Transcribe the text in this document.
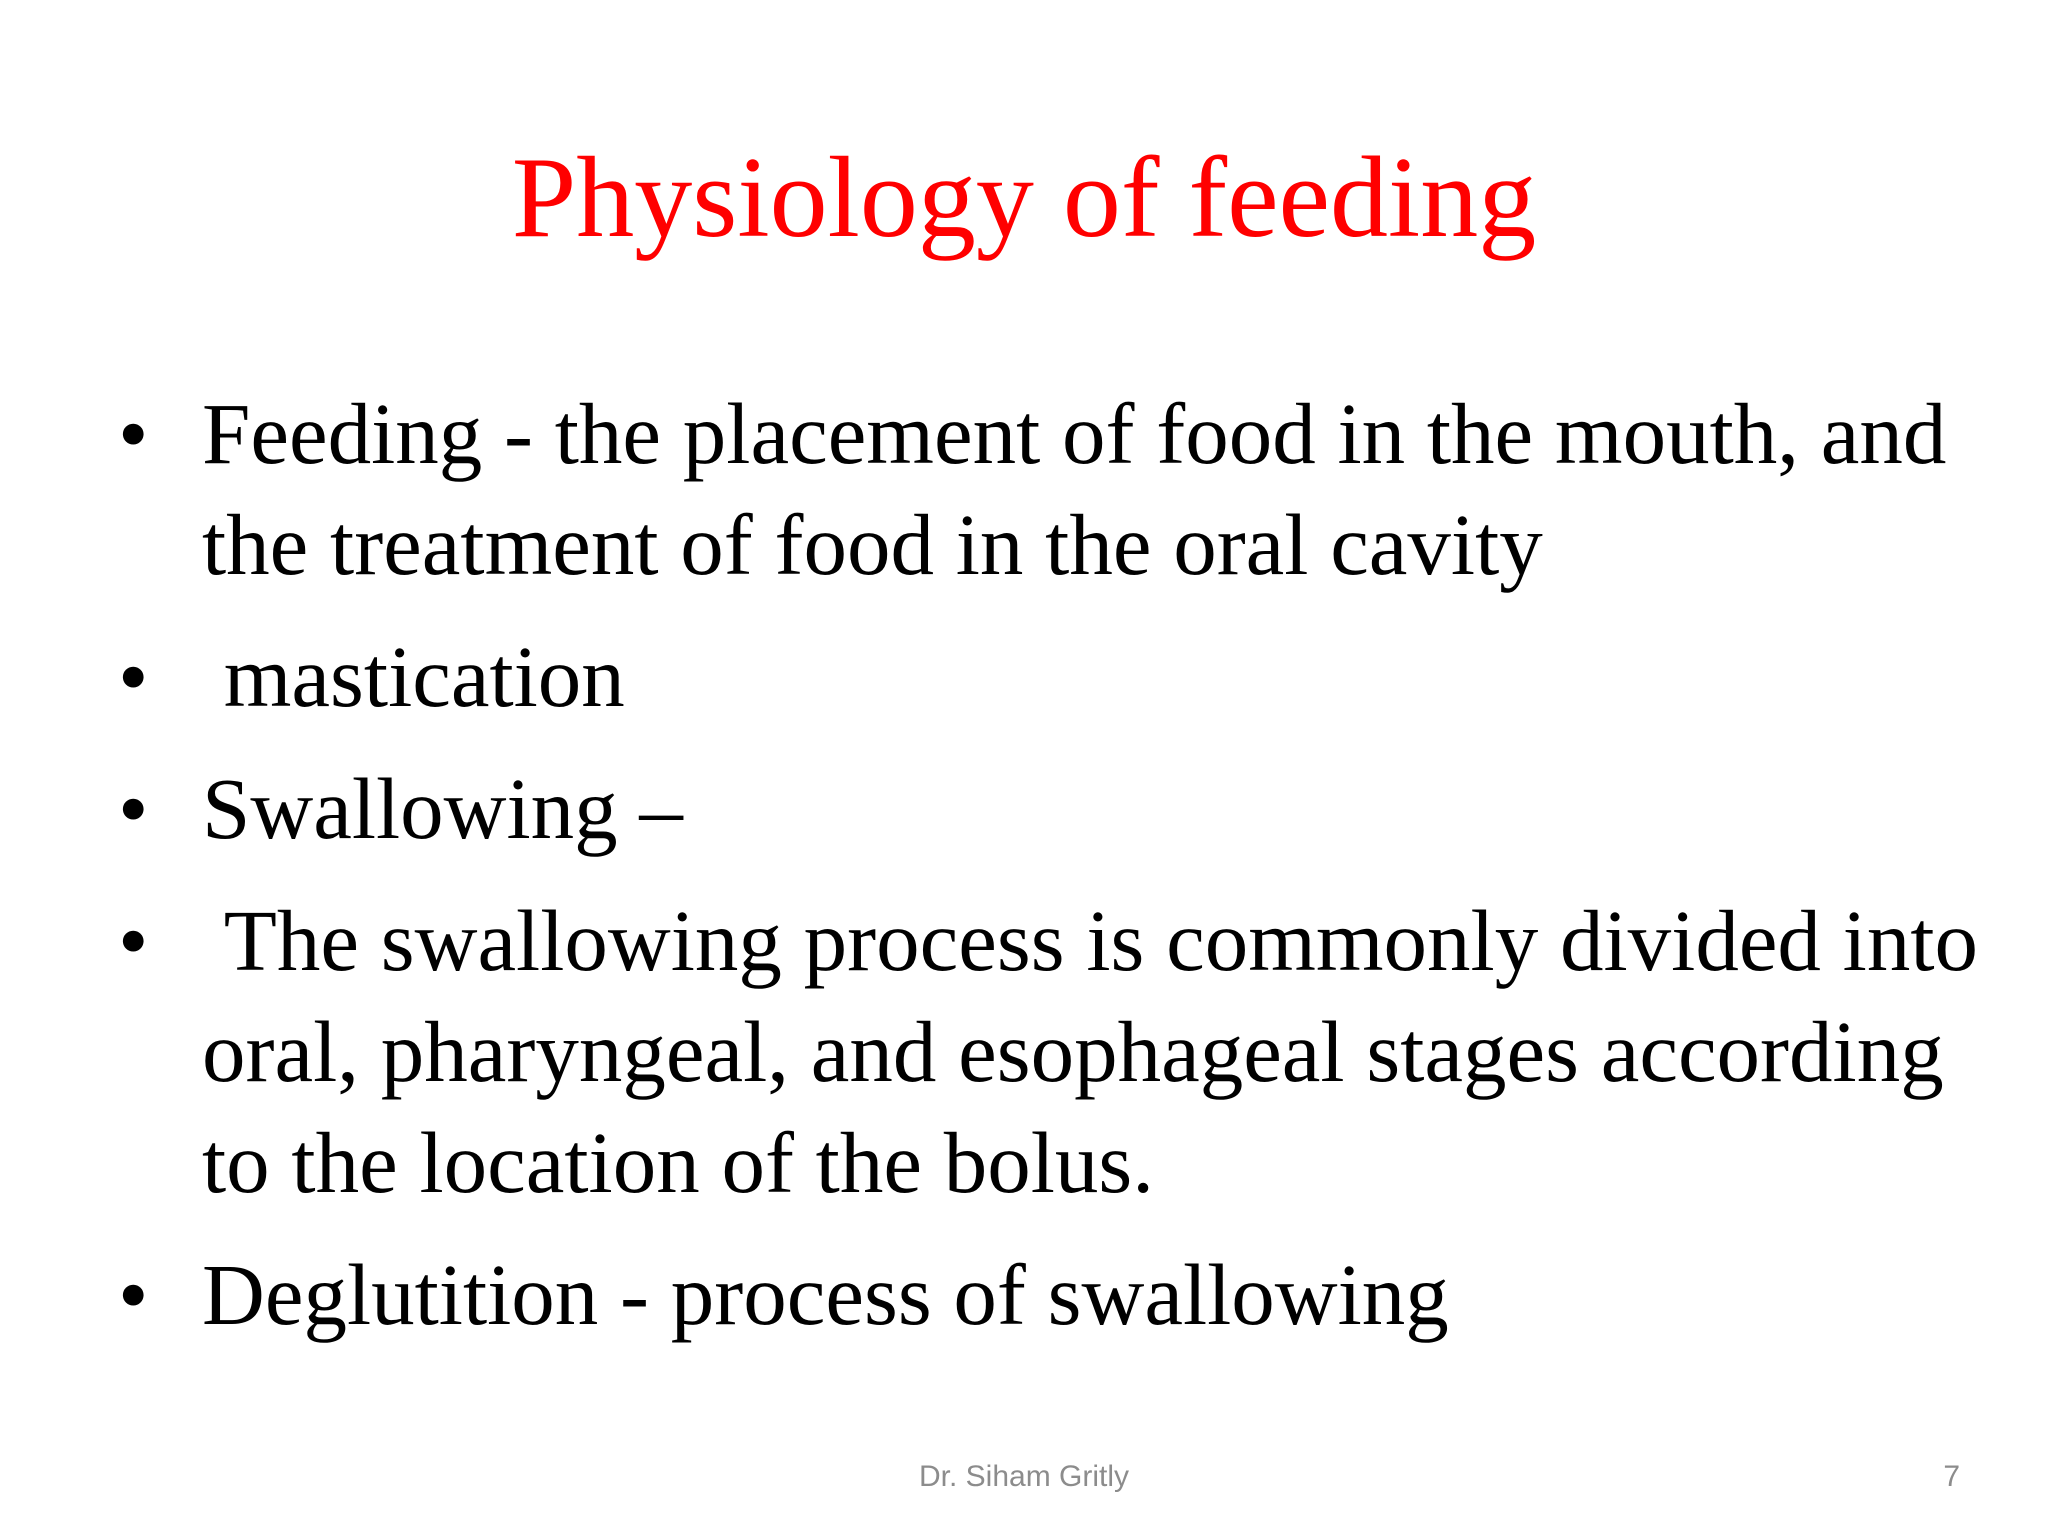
Physiology of feeding
• Feeding - the placement of food in the mouth, and the treatment of food in the oral cavity
• mastication
• Swallowing –
• The swallowing process is commonly divided into oral, pharyngeal, and esophageal stages according to the location of the bolus.
• Deglutition - process of swallowing
Dr. Siham Gritly	7
